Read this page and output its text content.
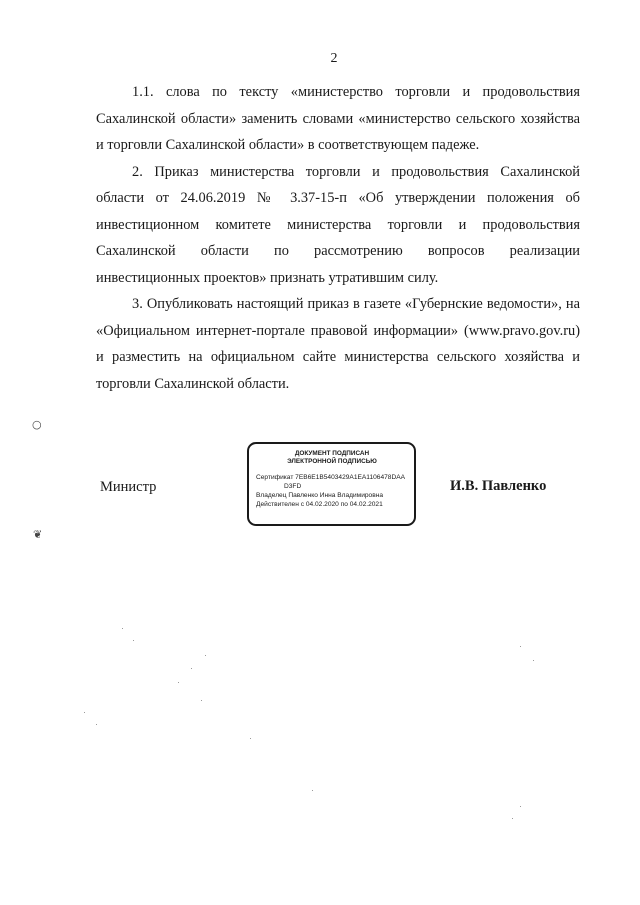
2

1.1. слова по тексту «министерство торговли и продовольствия Сахалинской области» заменить словами «министерство сельского хозяйства и торговли Сахалинской области» в соответствующем падеже.

2. Приказ министерства торговли и продовольствия Сахалинской области от 24.06.2019 № 3.37-15-п «Об утверждении положения об инвестиционном комитете министерства торговли и продовольствия Сахалинской области по рассмотрению вопросов реализации инвестиционных проектов» признать утратившим силу.

3. Опубликовать настоящий приказ в газете «Губернские ведомости», на «Официальном интернет-портале правовой информации» (www.pravo.gov.ru) и разместить на официальном сайте министерства сельского хозяйства и торговли Сахалинской области.

○
❦
Министр
ДОКУМЕНТ ПОДПИСАН
ЭЛЕКТРОННОЙ ПОДПИСЬЮ
Сертификат 7EB6E1B5403429A1EA1106478DAA
D3FD
Владелец Павленко Инна Владимировна
Действителен с 04.02.2020 по 04.02.2021
И.В. Павленко
